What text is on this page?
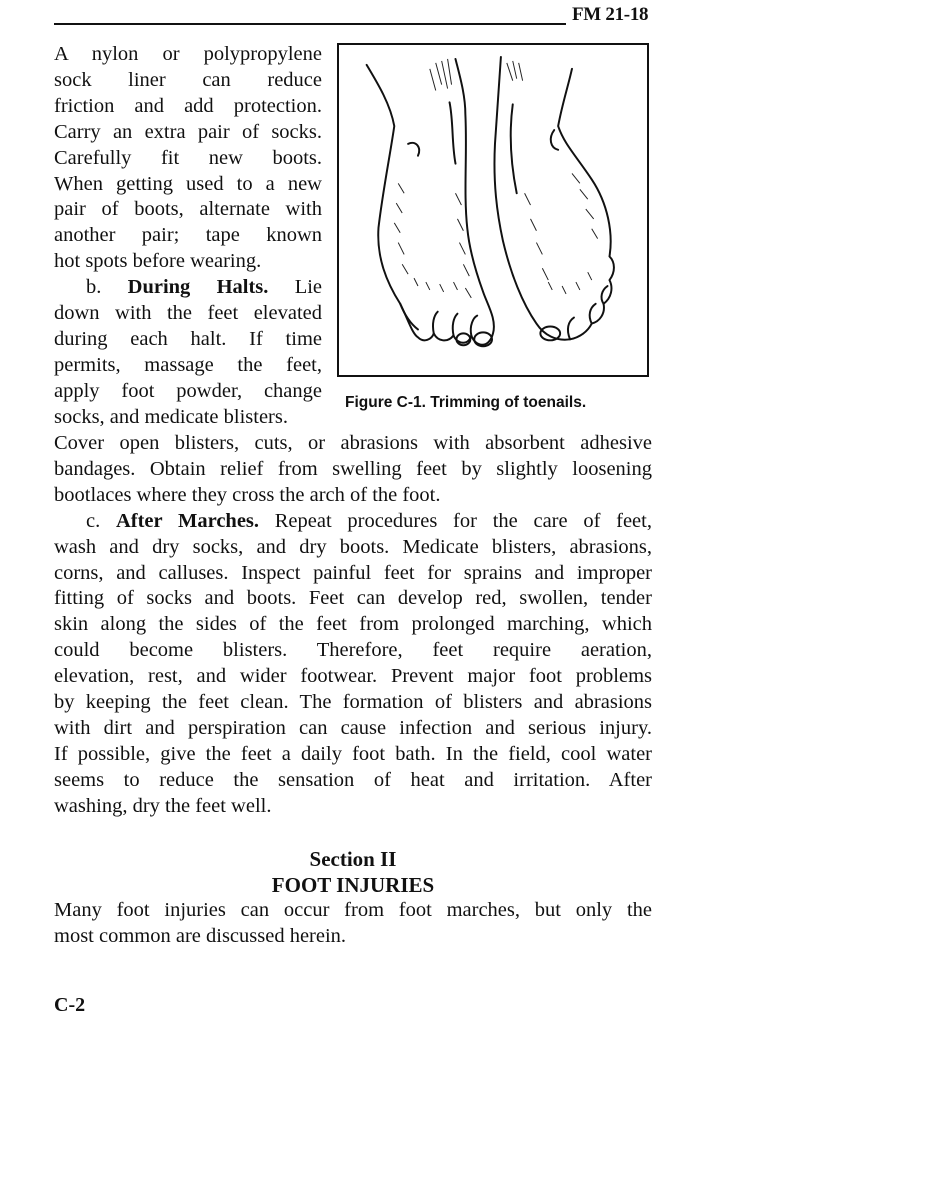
FM 21-18
A nylon or polypropylene
sock liner can reduce
friction and add protection.
Carry an extra pair of socks.
Carefully fit new boots.
When getting used to a new
pair of boots, alternate with
another pair; tape known
hot spots before wearing.
b. During Halts. Lie
down with the feet elevated
during each halt. If time
permits, massage the feet,
apply foot powder, change
socks, and medicate blisters.
Figure C-1. Trimming of toenails.
Cover open blisters, cuts, or abrasions with absorbent adhesive
bandages. Obtain relief from swelling feet by slightly loosening
bootlaces where they cross the arch of the foot.
c. After Marches. Repeat procedures for the care of feet,
wash and dry socks, and dry boots. Medicate blisters, abrasions,
corns, and calluses. Inspect painful feet for sprains and improper
fitting of socks and boots. Feet can develop red, swollen, tender
skin along the sides of the feet from prolonged marching, which
could become blisters. Therefore, feet require aeration,
elevation, rest, and wider footwear. Prevent major foot problems
by keeping the feet clean. The formation of blisters and abrasions
with dirt and perspiration can cause infection and serious injury.
If possible, give the feet a daily foot bath. In the field, cool water
seems to reduce the sensation of heat and irritation. After
washing, dry the feet well.
Section II
FOOT INJURIES
Many foot injuries can occur from foot marches, but only the
most common are discussed herein.
C-2
